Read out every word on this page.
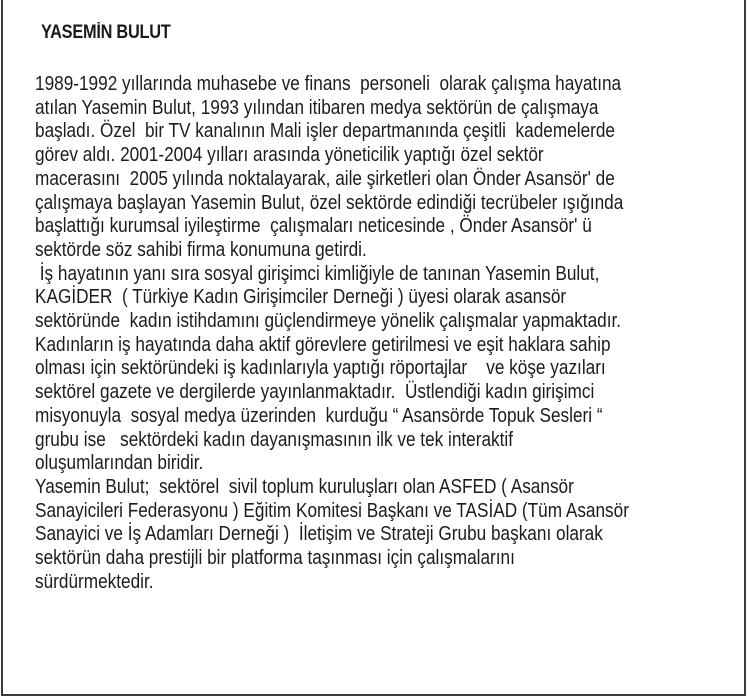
YASEMİN BULUT
1989-1992 yıllarında muhasebe ve finans  personeli  olarak çalışma hayatına
atılan Yasemin Bulut, 1993 yılından itibaren medya sektörün de çalışmaya
başladı. Özel  bir TV kanalının Mali işler departmanında çeşitli  kademelerde
görev aldı. 2001-2004 yılları arasında yöneticilik yaptığı özel sektör
macerasını  2005 yılında noktalayarak, aile şirketleri olan Önder Asansör' de
çalışmaya başlayan Yasemin Bulut, özel sektörde edindiği tecrübeler ışığında
başlattığı kurumsal iyileştirme  çalışmaları neticesinde , Önder Asansör' ü
sektörde söz sahibi firma konumuna getirdi.
İş hayatının yanı sıra sosyal girişimci kimliğiyle de tanınan Yasemin Bulut,
KAGİDER  ( Türkiye Kadın Girişimciler Derneği ) üyesi olarak asansör
sektöründe  kadın istihdamını güçlendirmeye yönelik çalışmalar yapmaktadır.
Kadınların iş hayatında daha aktif görevlere getirilmesi ve eşit haklara sahip
olması için sektöründeki iş kadınlarıyla yaptığı röportajlar    ve köşe yazıları
sektörel gazete ve dergilerde yayınlanmaktadır.  Üstlendiği kadın girişimci
misyonuyla  sosyal medya üzerinden  kurduğu “ Asansörde Topuk Sesleri “
grubu ise   sektördeki kadın dayanışmasının ilk ve tek interaktif
oluşumlarından biridir.
Yasemin Bulut;  sektörel  sivil toplum kuruluşları olan ASFED ( Asansör
Sanayicileri Federasyonu ) Eğitim Komitesi Başkanı ve TASİAD (Tüm Asansör
Sanayici ve İş Adamları Derneği )  İletişim ve Strateji Grubu başkanı olarak
sektörün daha prestijli bir platforma taşınması için çalışmalarını
sürdürmektedir.
